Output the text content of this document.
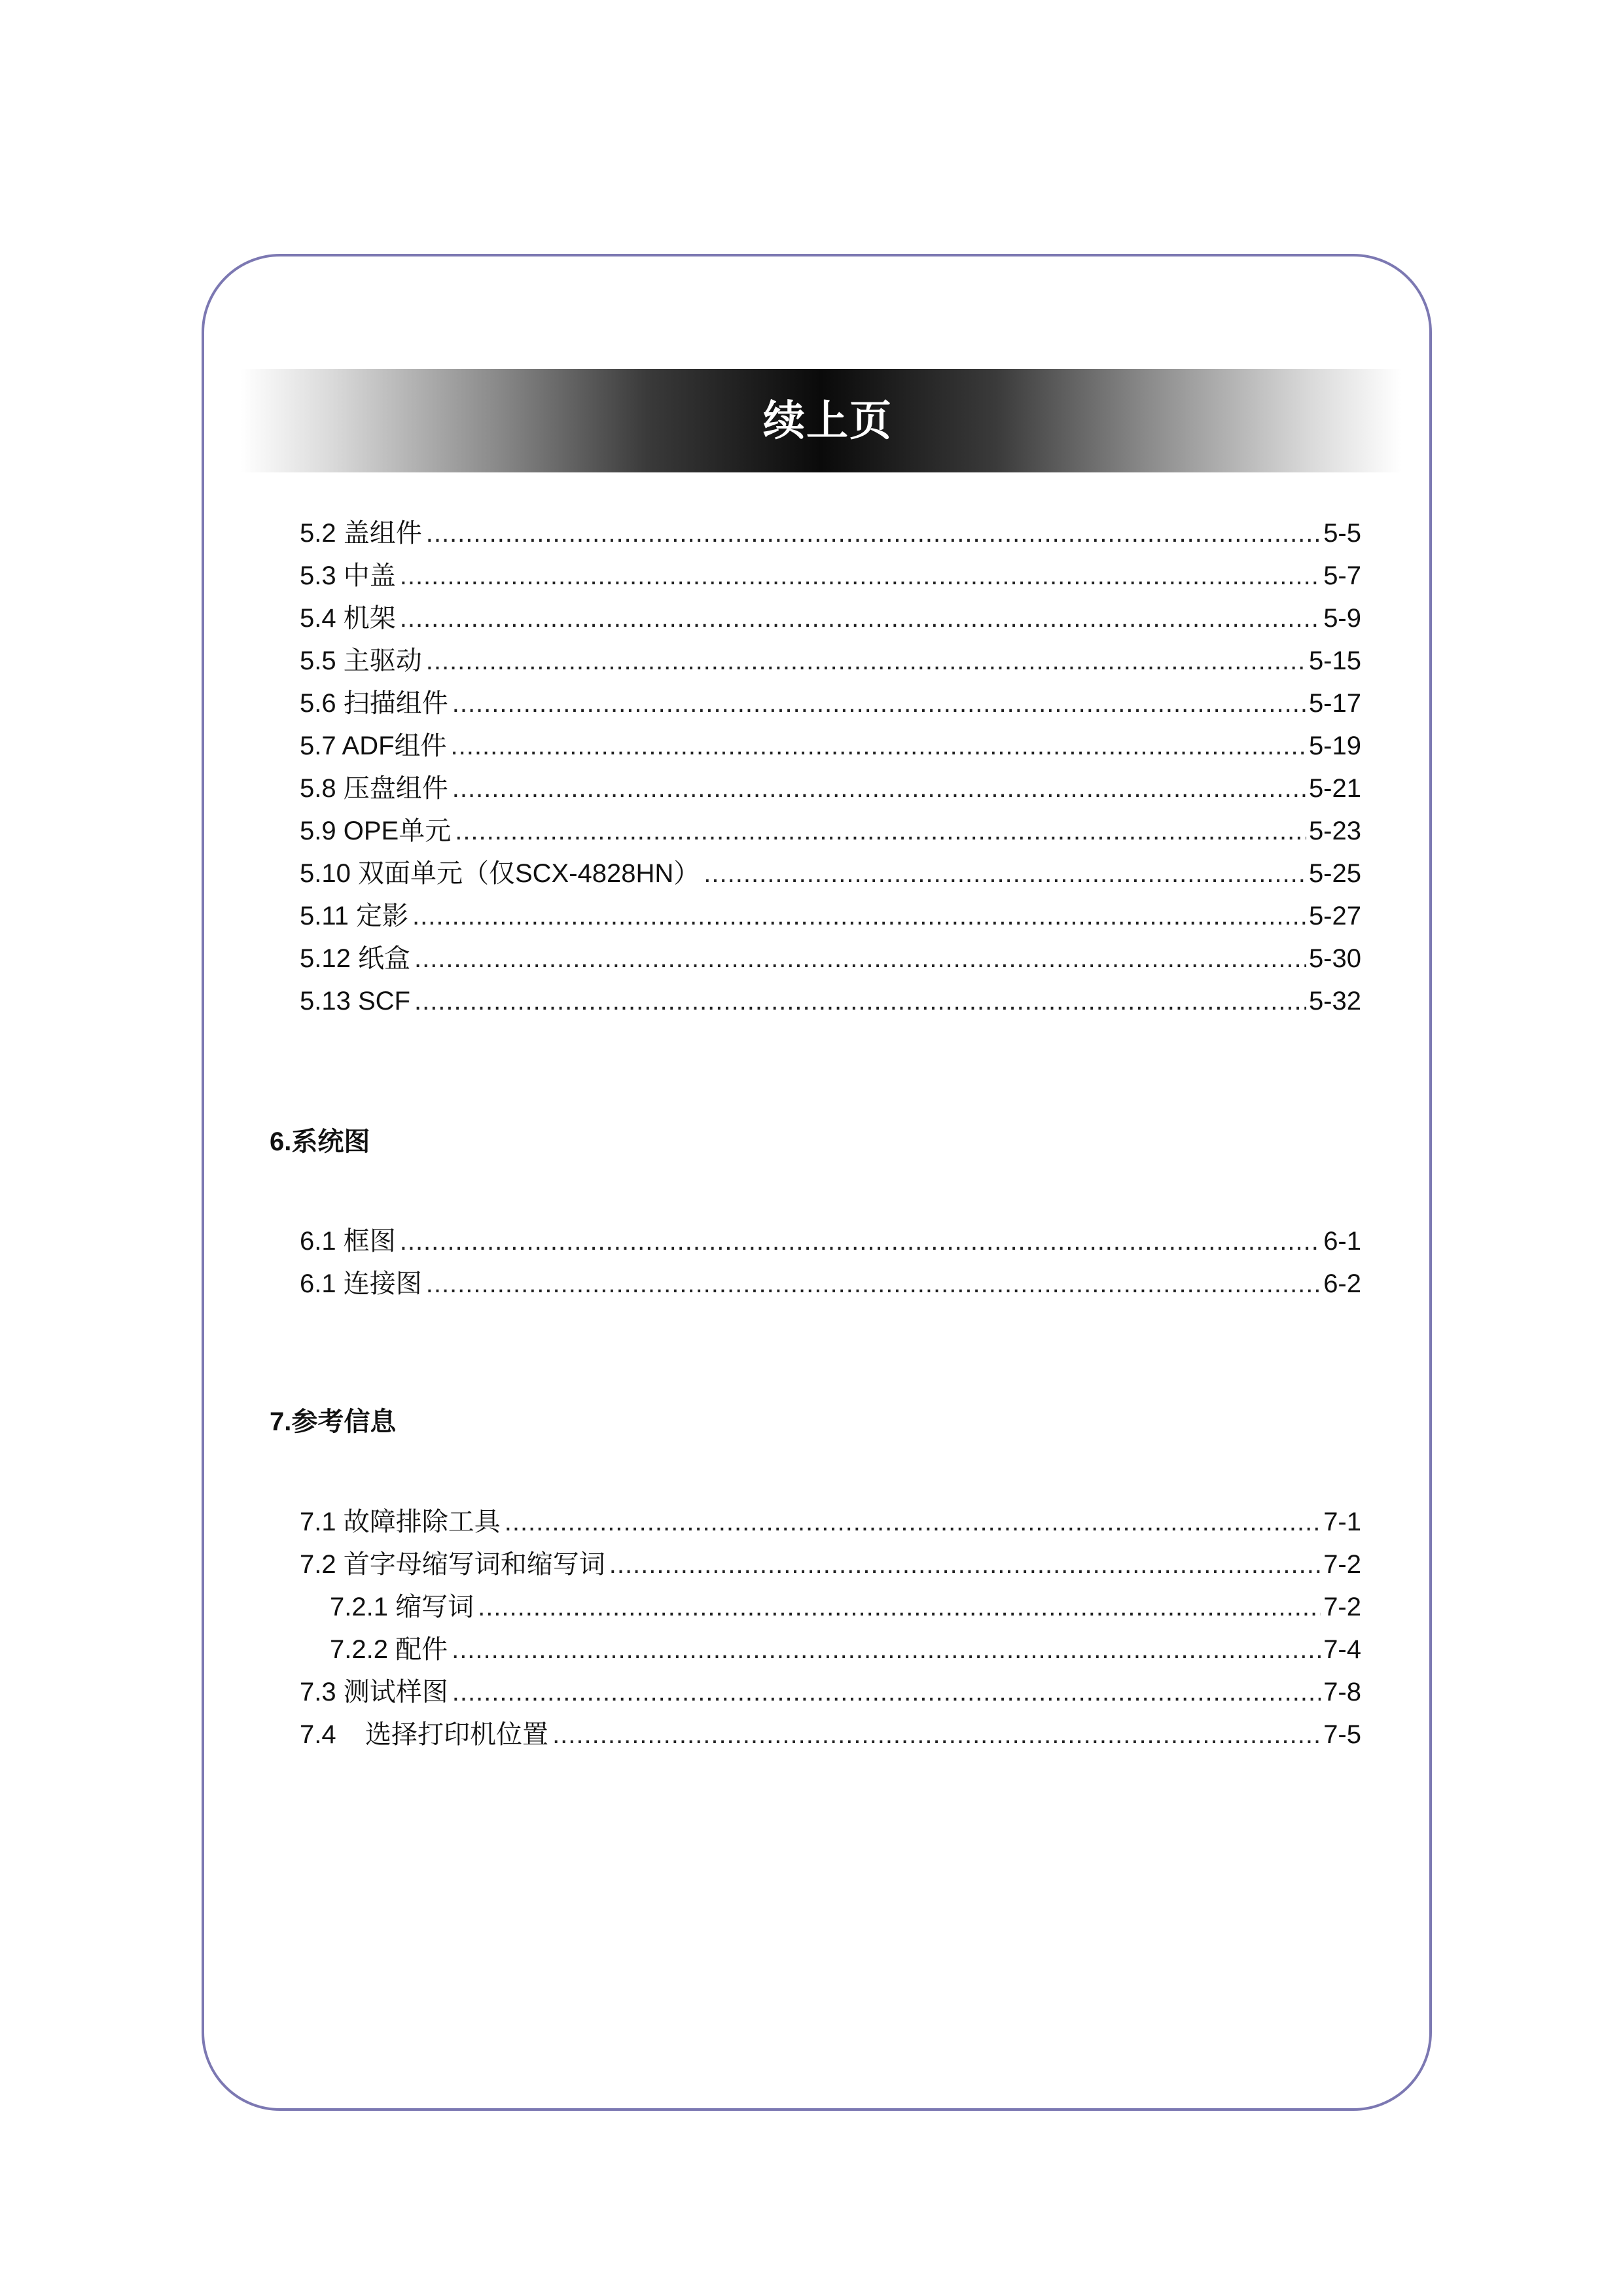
续上页
5.2 盖组件 .....	5-5
5.3 中盖 .....	5-7
5.4 机架 .....	5-9
5.5 主驱动 .....	5-15
5.6 扫描组件 .....	5-17
5.7 ADF组件 .....	5-19
5.8 压盘组件 .....	5-21
5.9 OPE单元 .....	5-23
5.10 双面单元（仅SCX-4828HN） .....	5-25
5.11 定影 .....	5-27
5.12 纸盒 .....	5-30
5.13 SCF .....	5-32
6.系统图
6.1 框图 .....	6-1
6.1 连接图 .....	6-2
7.参考信息
7.1 故障排除工具 .....	7-1
7.2 首字母缩写词和缩写词 .....	7-2
7.2.1 缩写词 .....	7-2
7.2.2 配件 .....	7-4
7.3 测试样图 .....	7-8
7.4    选择打印机位置 .....	7-5
